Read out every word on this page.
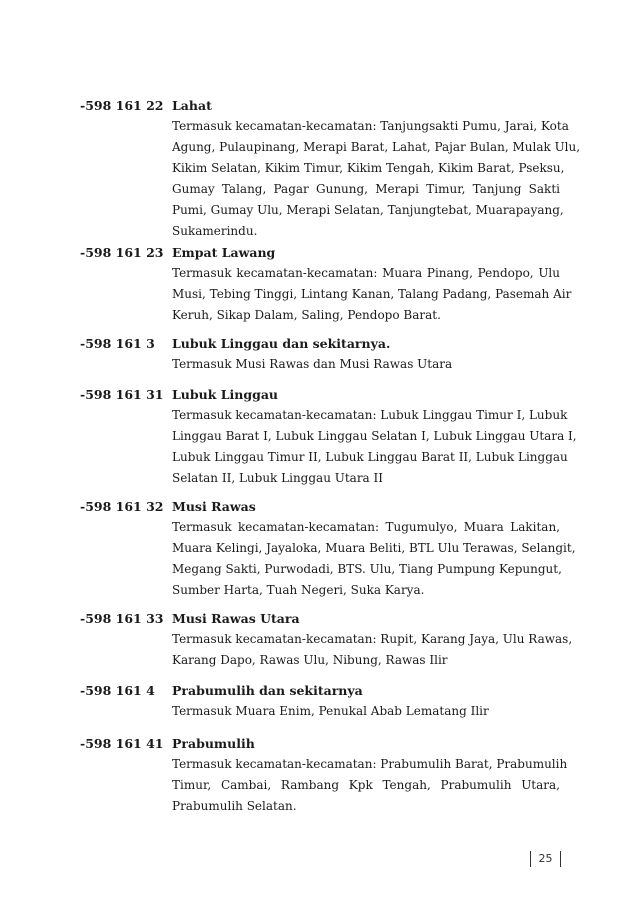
-598 161 22 Lahat
Termasuk kecamatan-kecamatan: Tanjungsakti Pumu, Jarai, Kota
Agung, Pulaupinang, Merapi Barat, Lahat, Pajar Bulan, Mulak Ulu,
Kikim Selatan, Kikim Timur, Kikim Tengah, Kikim Barat, Pseksu,
Gumay Talang, Pagar Gunung, Merapi Timur, Tanjung Sakti
Pumi, Gumay Ulu, Merapi Selatan, Tanjungtebat, Muarapayang,
Sukamerindu.
-598 161 23 Empat Lawang
Termasuk kecamatan-kecamatan: Muara Pinang, Pendopo, Ulu
Musi, Tebing Tinggi, Lintang Kanan, Talang Padang, Pasemah Air
Keruh, Sikap Dalam, Saling, Pendopo Barat.
-598 161 3	Lubuk Linggau dan sekitarnya.
Termasuk Musi Rawas dan Musi Rawas Utara
-598 161 31 Lubuk Linggau
Termasuk kecamatan-kecamatan: Lubuk Linggau Timur I, Lubuk
Linggau Barat I, Lubuk Linggau Selatan I, Lubuk Linggau Utara I,
Lubuk Linggau Timur II, Lubuk Linggau Barat II, Lubuk Linggau
Selatan II, Lubuk Linggau Utara II
-598 161 32 Musi Rawas
Termasuk kecamatan-kecamatan: Tugumulyo, Muara Lakitan,
Muara Kelingi, Jayaloka, Muara Beliti, BTL Ulu Terawas, Selangit,
Megang Sakti, Purwodadi, BTS. Ulu, Tiang Pumpung Kepungut,
Sumber Harta, Tuah Negeri, Suka Karya.
-598 161 33 Musi Rawas Utara
Termasuk kecamatan-kecamatan: Rupit, Karang Jaya, Ulu Rawas,
Karang Dapo, Rawas Ulu, Nibung, Rawas Ilir
-598 161 4	Prabumulih dan sekitarnya
Termasuk Muara Enim, Penukal Abab Lematang Ilir
-598 161 41 Prabumulih
Termasuk kecamatan-kecamatan: Prabumulih Barat, Prabumulih
Timur, Cambai, Rambang Kpk Tengah, Prabumulih Utara,
Prabumulih Selatan.
25
